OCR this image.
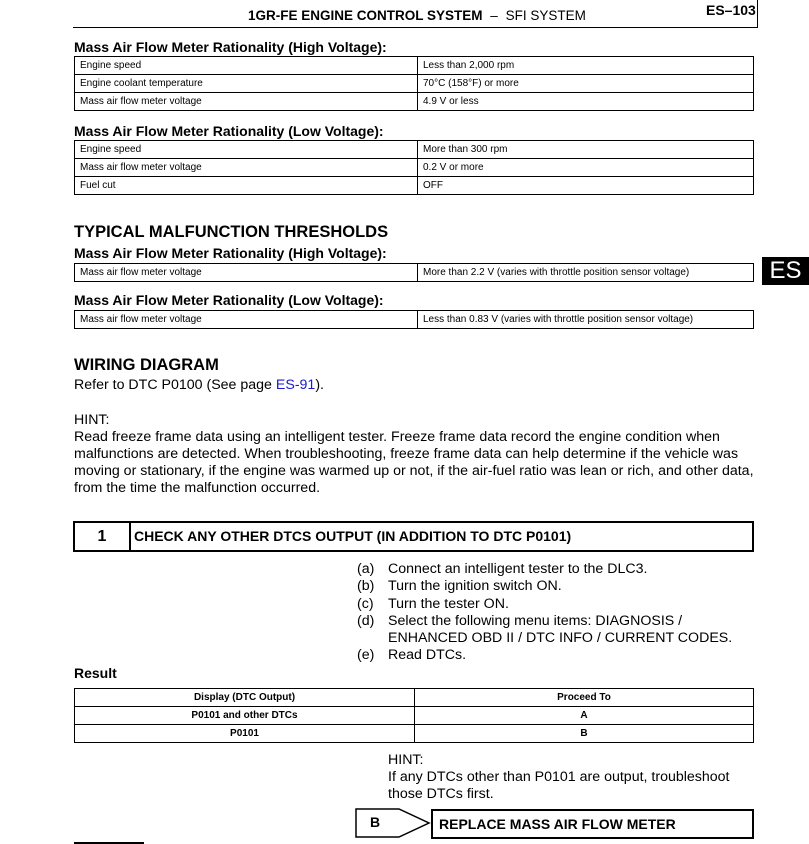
1GR-FE ENGINE CONTROL SYSTEM – SFI SYSTEM	ES–103
Mass Air Flow Meter Rationality (High Voltage):
Engine speed	Less than 2,000 rpm
Engine coolant temperature	70°C (158°F) or more
Mass air flow meter voltage	4.9 V or less
Mass Air Flow Meter Rationality (Low Voltage):
Engine speed	More than 300 rpm
Mass air flow meter voltage	0.2 V or more
Fuel cut	OFF
TYPICAL MALFUNCTION THRESHOLDS
Mass Air Flow Meter Rationality (High Voltage):
Mass air flow meter voltage	More than 2.2 V (varies with throttle position sensor voltage)
Mass Air Flow Meter Rationality (Low Voltage):
Mass air flow meter voltage	Less than 0.83 V (varies with throttle position sensor voltage)
ES
WIRING DIAGRAM
Refer to DTC P0100 (See page ES-91).
HINT:
Read freeze frame data using an intelligent tester. Freeze frame data record the engine condition when malfunctions are detected. When troubleshooting, freeze frame data can help determine if the vehicle was moving or stationary, if the engine was warmed up or not, if the air-fuel ratio was lean or rich, and other data, from the time the malfunction occurred.
1	CHECK ANY OTHER DTCS OUTPUT (IN ADDITION TO DTC P0101)
(a) Connect an intelligent tester to the DLC3.
(b) Turn the ignition switch ON.
(c)	Turn the tester ON.
(d) Select the following menu items: DIAGNOSIS / ENHANCED OBD II / DTC INFO / CURRENT CODES.
(e) Read DTCs.
Result
Display (DTC Output)	Proceed To
P0101 and other DTCs	A
P0101	B
HINT:
If any DTCs other than P0101 are output, troubleshoot those DTCs first.
B	REPLACE MASS AIR FLOW METER
